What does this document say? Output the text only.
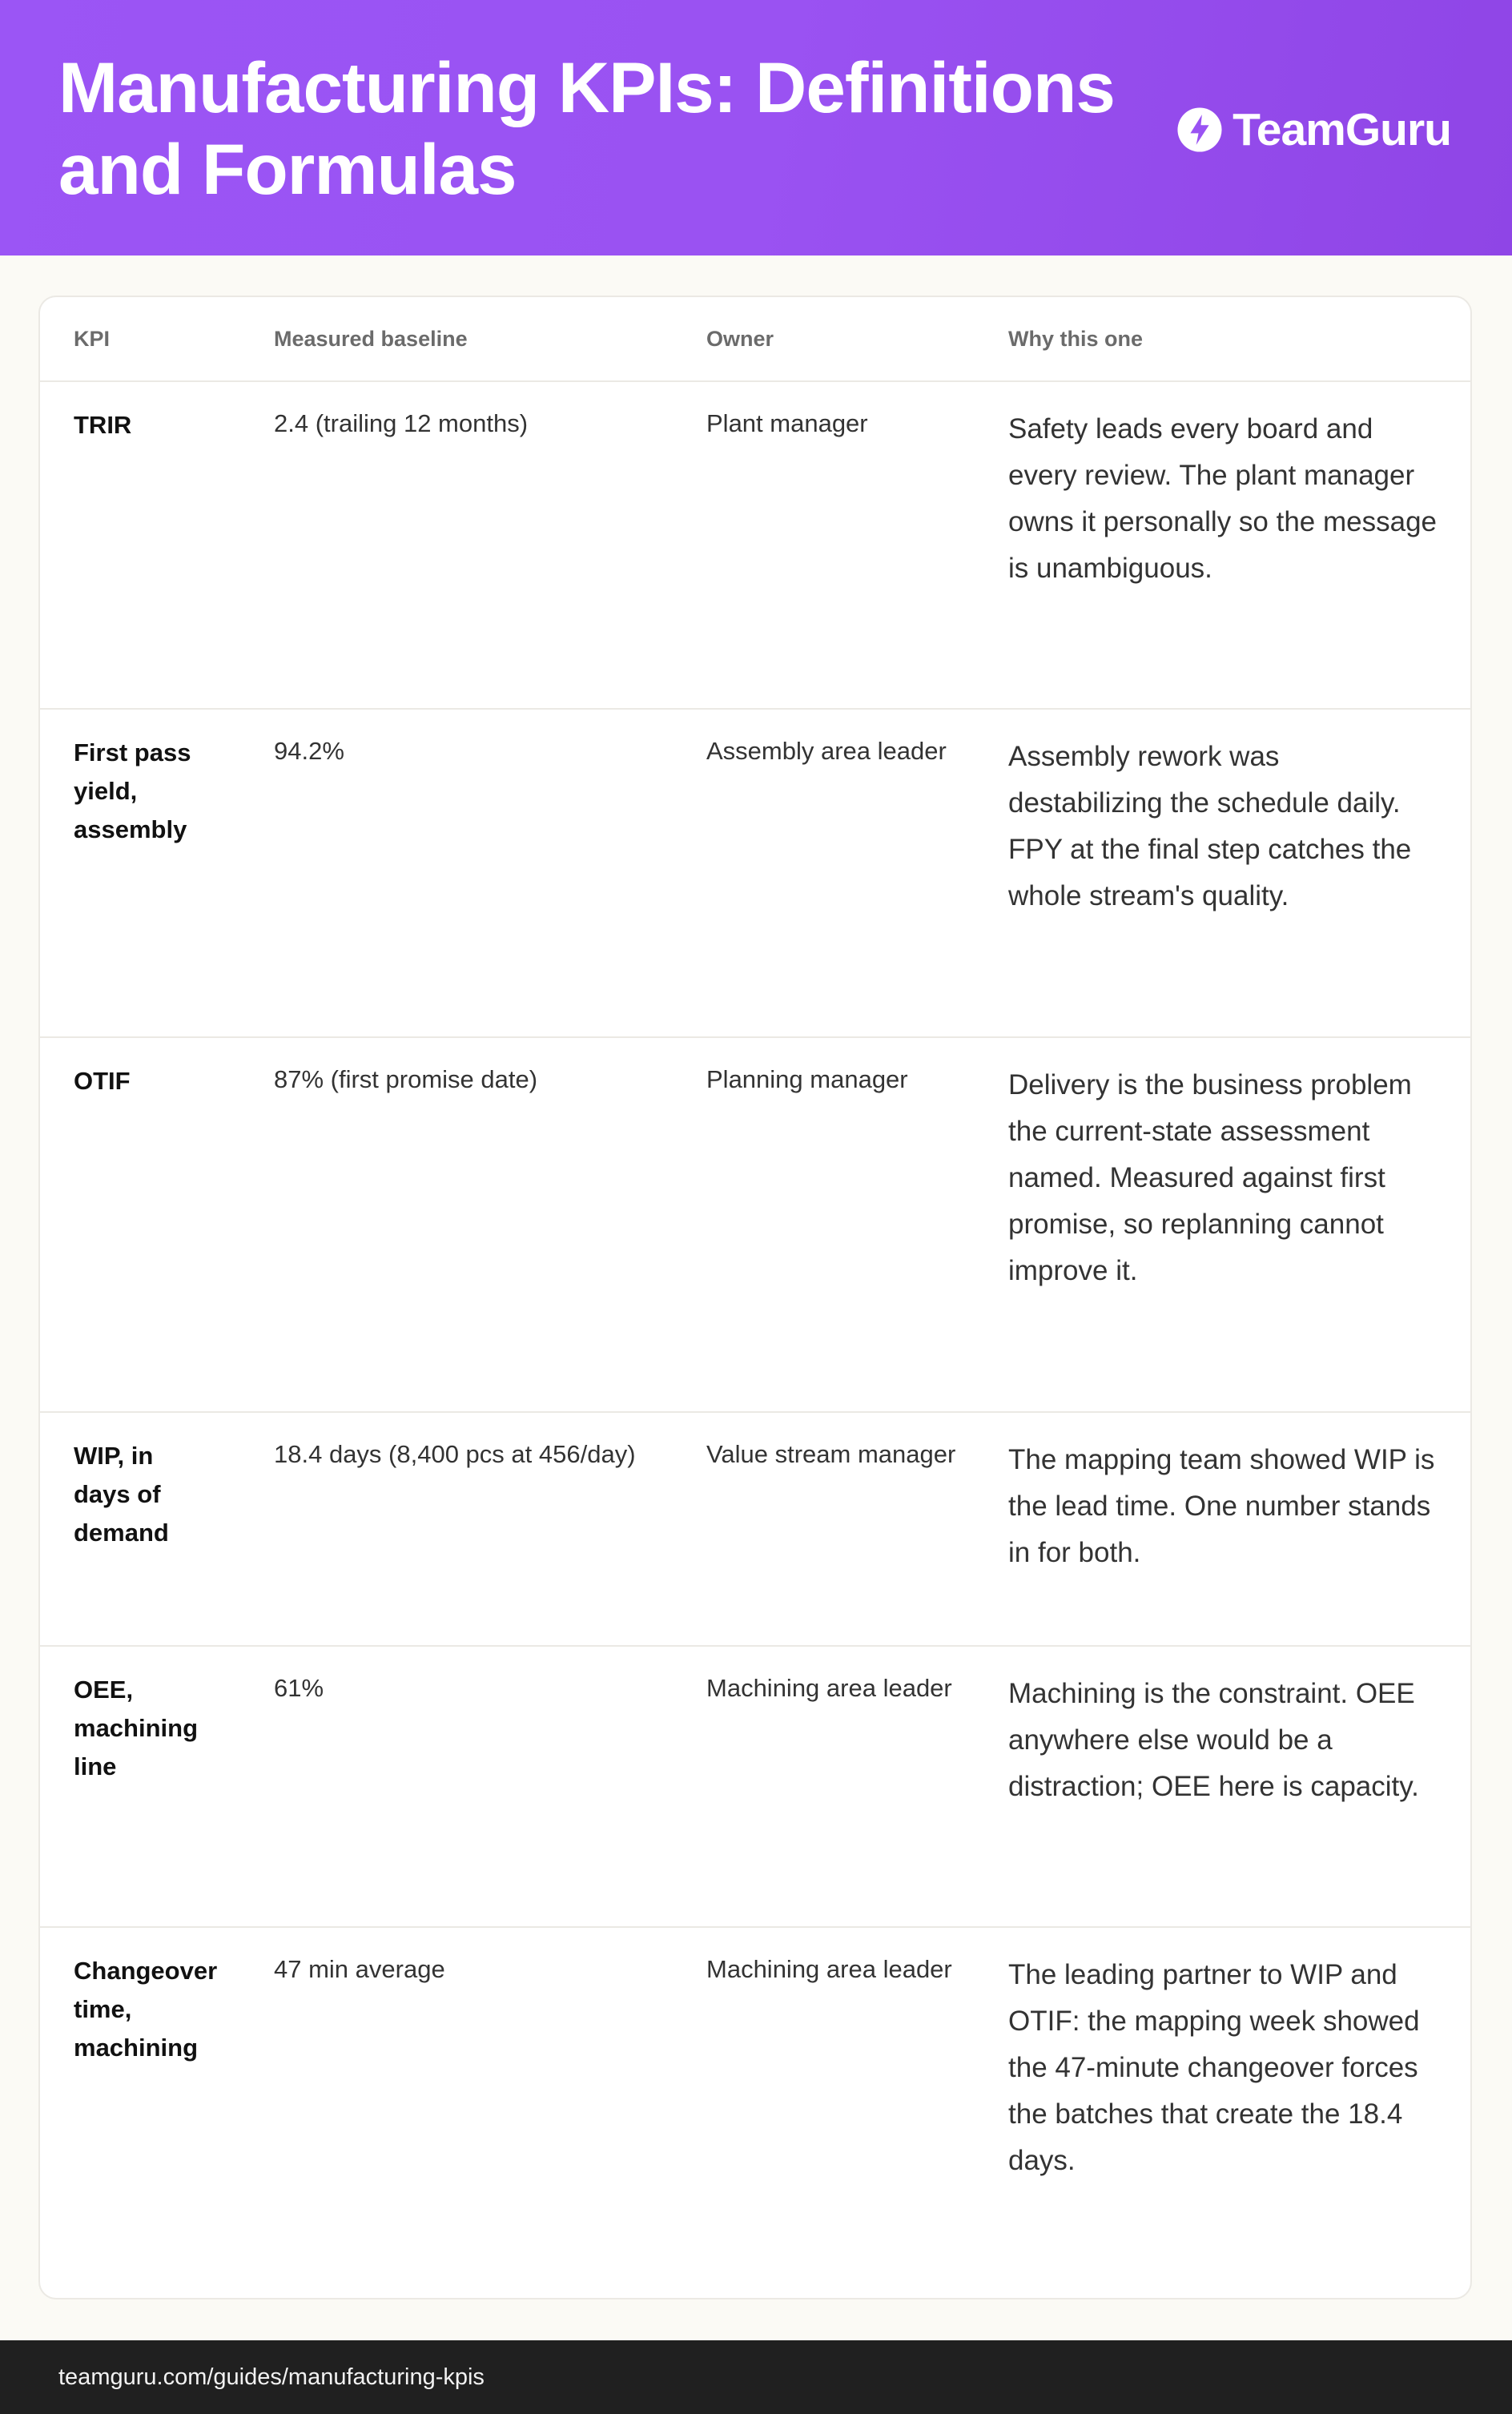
Manufacturing KPIs: Definitions and Formulas	TeamGuru
KPI	Measured baseline	Owner	Why this one
TRIR	2.4 (trailing 12 months)	Plant manager	Safety leads every board and every review. The plant manager owns it personally so the message is unambiguous.
First pass yield, assembly	94.2%	Assembly area leader	Assembly rework was destabilizing the schedule daily. FPY at the final step catches the whole stream's quality.
OTIF	87% (first promise date)	Planning manager	Delivery is the business problem the current-state assessment named. Measured against first promise, so replanning cannot improve it.
WIP, in days of demand	18.4 days (8,400 pcs at 456/day)	Value stream manager	The mapping team showed WIP is the lead time. One number stands in for both.
OEE, machining line	61%	Machining area leader	Machining is the constraint. OEE anywhere else would be a distraction; OEE here is capacity.
Changeover time, machining	47 min average	Machining area leader	The leading partner to WIP and OTIF: the mapping week showed the 47-minute changeover forces the batches that create the 18.4 days.
teamguru.com/guides/manufacturing-kpis
